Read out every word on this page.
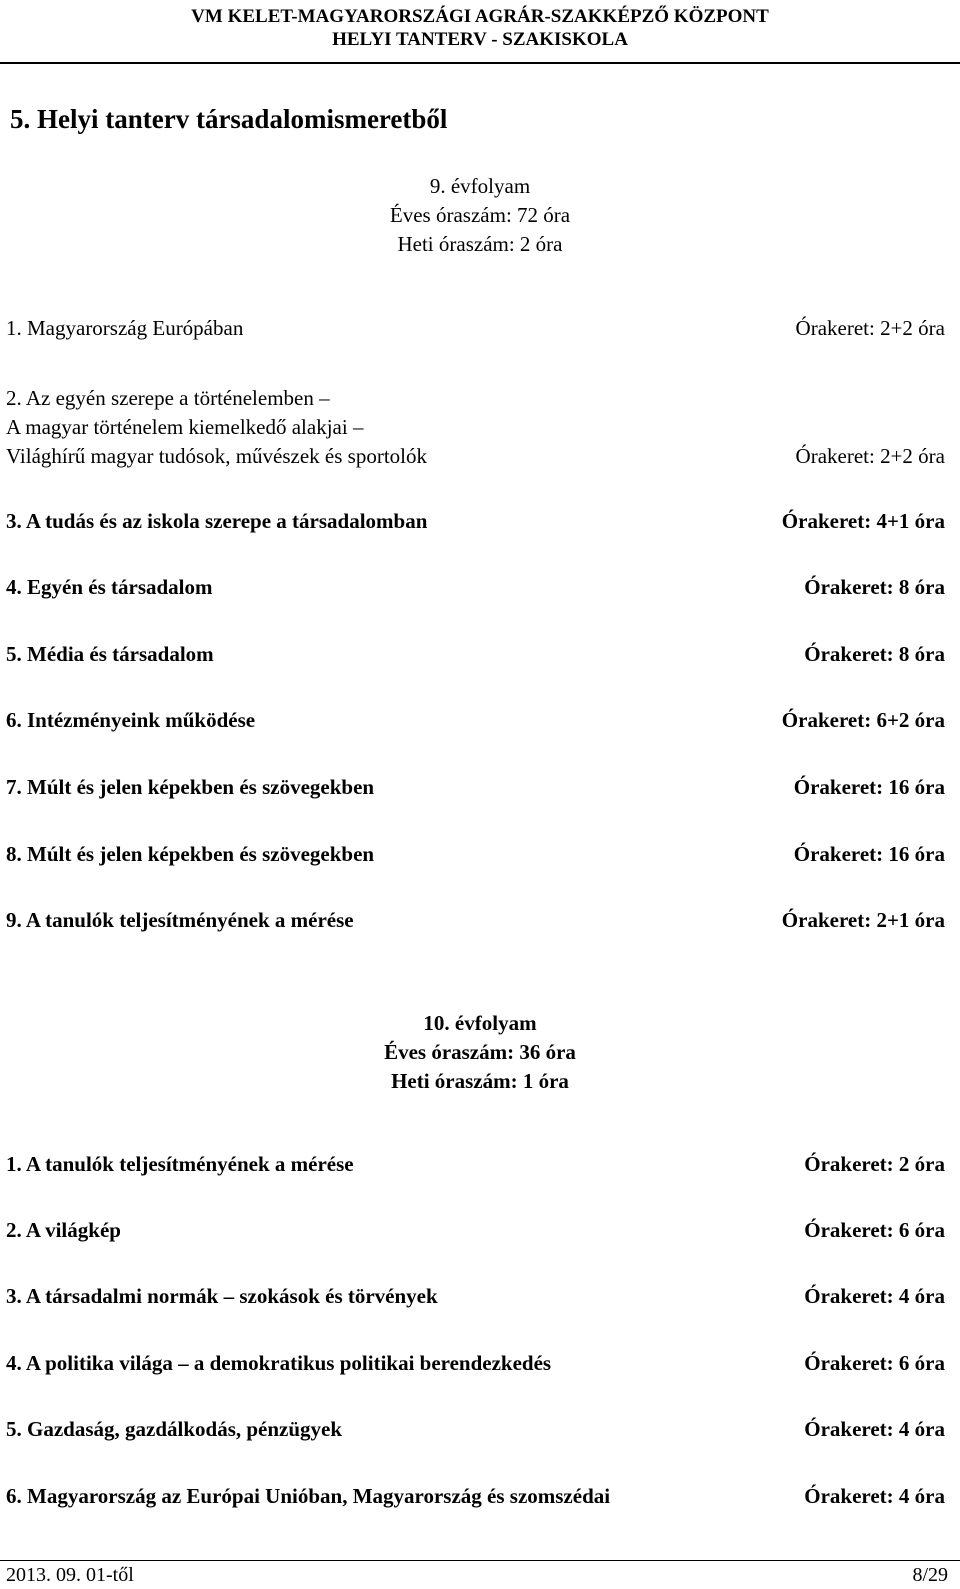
VM KELET-MAGYARORSZÁGI AGRÁR-SZAKKÉPZŐ KÖZPONT
HELYI TANTERV - SZAKISKOLA
5. Helyi tanterv társadalomismeretből
9. évfolyam
Éves óraszám: 72 óra
Heti óraszám: 2 óra
1. Magyarország Európában	Órakeret: 2+2 óra
2. Az egyén szerepe a történelemben –
A magyar történelem kiemelkedő alakjai –
Világhírű magyar tudósok, művészek és sportolók	Órakeret: 2+2 óra
3. A tudás és az iskola szerepe a társadalomban	Órakeret: 4+1 óra
4. Egyén és társadalom	Órakeret: 8 óra
5. Média és társadalom	Órakeret: 8 óra
6. Intézményeink működése	Órakeret: 6+2 óra
7. Múlt és jelen képekben és szövegekben	Órakeret: 16 óra
8. Múlt és jelen képekben és szövegekben	Órakeret: 16 óra
9. A tanulók teljesítményének a mérése	Órakeret: 2+1 óra
10. évfolyam
Éves óraszám: 36 óra
Heti óraszám: 1 óra
1. A tanulók teljesítményének a mérése	Órakeret: 2 óra
2. A világkép	Órakeret: 6 óra
3. A társadalmi normák – szokások és törvények	Órakeret: 4 óra
4. A politika világa – a demokratikus politikai berendezkedés	Órakeret: 6 óra
5. Gazdaság, gazdálkodás, pénzügyek	Órakeret: 4 óra
6. Magyarország az Európai Unióban, Magyarország és szomszédai	Órakeret: 4 óra
2013. 09. 01-től	8/29
